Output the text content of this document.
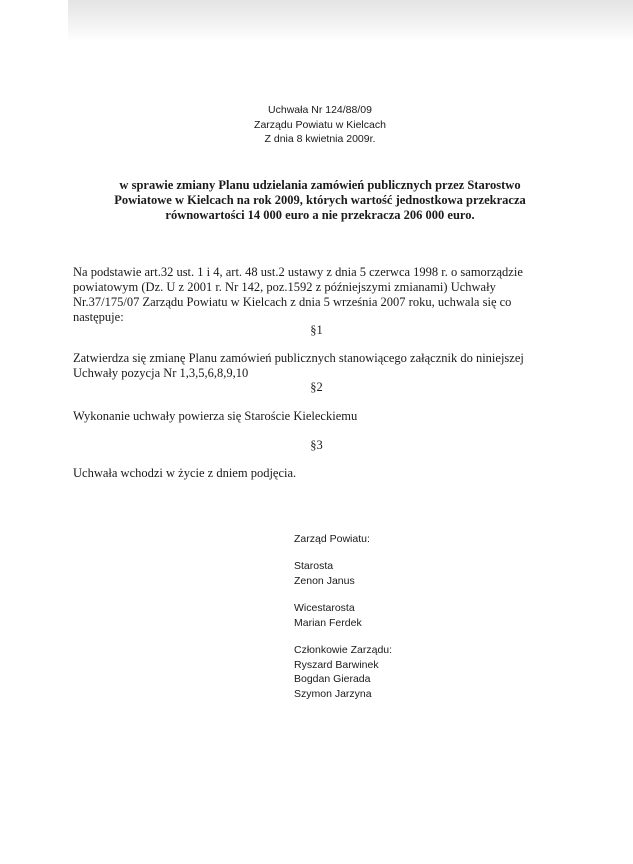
Uchwała Nr 124/88/09
Zarządu Powiatu w Kielcach
Z dnia 8 kwietnia 2009r.
w sprawie zmiany Planu udzielania zamówień publicznych przez Starostwo
Powiatowe w Kielcach na rok 2009, których wartość jednostkowa przekracza
równowartości 14 000 euro a nie przekracza 206 000 euro.
Na podstawie art.32 ust. 1 i 4, art. 48 ust.2 ustawy z dnia 5 czerwca 1998 r. o samorządzie
powiatowym (Dz. U z 2001 r. Nr 142, poz.1592 z późniejszymi zmianami) Uchwały
Nr.37/175/07 Zarządu Powiatu w Kielcach z dnia 5 września 2007 roku, uchwala się co
następuje:
§1
Zatwierdza się zmianę Planu zamówień publicznych stanowiącego załącznik do niniejszej
Uchwały pozycja Nr 1,3,5,6,8,9,10
§2
Wykonanie uchwały powierza się Staroście Kieleckiemu
§3
Uchwała wchodzi w życie z dniem podjęcia.
Zarząd Powiatu:
Starosta
Zenon Janus
Wicestarosta
Marian Ferdek
Członkowie Zarządu:
Ryszard Barwinek
Bogdan Gierada
Szymon Jarzyna
